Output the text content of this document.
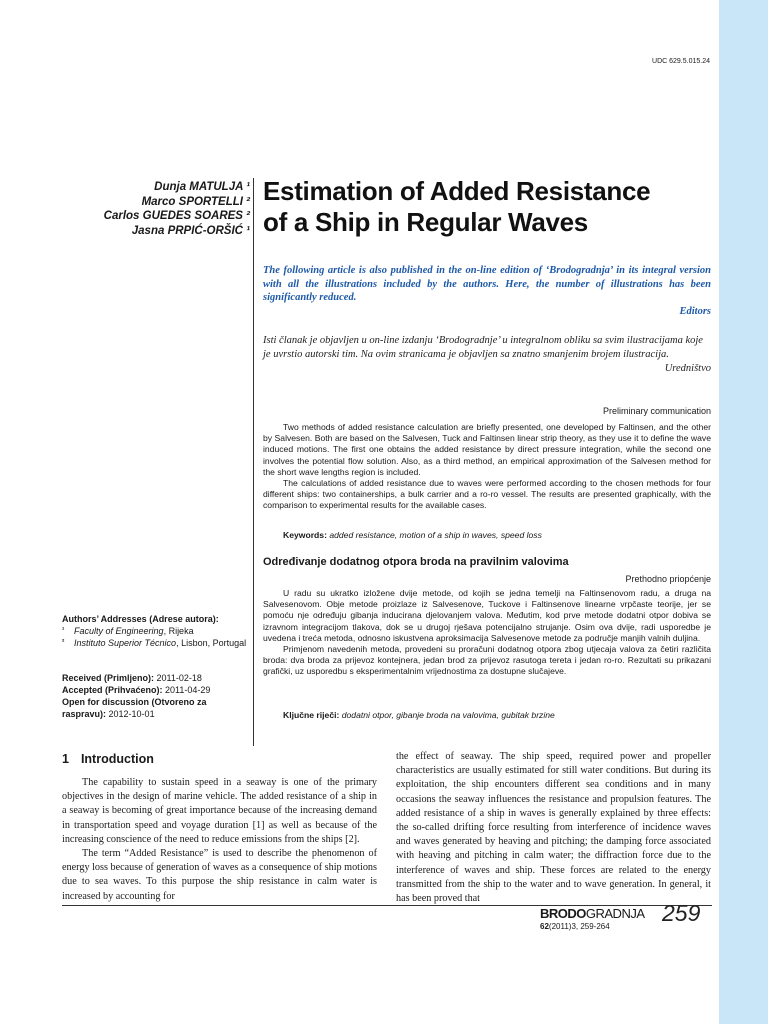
UDC 629.5.015.24
Dunja MATULJA ¹
Marco SPORTELLI ²
Carlos GUEDES SOARES ²
Jasna PRPIĆ-ORŠIĆ ¹
Estimation of Added Resistance
of a Ship in Regular Waves
The following article is also published in the on-line edition of ‘Brodogradnja’ in its integral version with all the illustrations included by the authors. Here, the number of illustrations has been significantly reduced.
Editors
Isti članak je objavljen u on-line izdanju ‘Brodogradnje’ u integralnom obliku sa svim ilustracijama koje je uvrstio autorski tim. Na ovim stranicama je objavljen sa znatno smanjenim brojem ilustracija.
Uredništvo
Preliminary communication

Two methods of added resistance calculation are briefly presented, one developed by Faltinsen, and the other by Salvesen. Both are based on the Salvesen, Tuck and Faltinsen linear strip theory, as they use it to define the wave induced motions. The first one obtains the added resistance by direct pressure integration, while the second one involves the potential flow solution. Also, as a third method, an empirical approximation of the Salvesen method for the short wave lengths region is included.

The calculations of added resistance due to waves were performed according to the chosen methods for four different ships: two containerships, a bulk carrier and a ro-ro vessel. The results are presented graphically, with the comparison to experimental results for the available cases.

Keywords: added resistance, motion of a ship in waves, speed loss
Određivanje dodatnog otpora broda na pravilnim valovima
Prethodno priopćenje

U radu su ukratko izložene dvije metode, od kojih se jedna temelji na Faltinsenovom radu, a druga na Salvesenovom. Obje metode proizlaze iz Salvesenove, Tuckove i Faltinsenove linearne vrpčaste teorije, jer se pomoću nje određuju gibanja inducirana djelovanjem valova. Međutim, kod prve metode dodatni otpor dobiva se izravnom integracijom tlakova, dok se u drugoj rješava potencijalno strujanje. Osim ova dvije, radi usporedbe je uvedena i treća metoda, odnosno iskustvena aproksimacija Salvesenove metode za područje manjih valnih duljina.

Primjenom navedenih metoda, provedeni su proračuni dodatnog otpora zbog utjecaja valova za četiri različita broda: dva broda za prijevoz kontejnera, jedan brod za prijevoz rasutoga tereta i jedan ro-ro. Rezultati su prikazani grafički, uz usporedbu s eksperimentalnim vrijednostima za dostupne slučajeve.

Ključne riječi: dodatni otpor, gibanje broda na valovima, gubitak brzine
Authors’ Addresses (Adrese autora):
¹	Faculty of Engineering, Rijeka
²	Instituto Superior Técnico, Lisbon, Portugal
Received (Primljeno): 2011-02-18
Accepted (Prihvaćeno): 2011-04-29
Open for discussion (Otvoreno za raspravu): 2012-10-01
1 Introduction

The capability to sustain speed in a seaway is one of the primary objectives in the design of marine vehicle. The added resistance of a ship in a seaway is becoming of great importance because of the increasing demand in transportation speed and voyage duration [1] as well as because of the increasing conscience of the need to reduce emissions from the ships [2].

The term “Added Resistance” is used to describe the phenomenon of energy loss because of generation of waves as a consequence of ship motions due to sea waves. To this purpose the ship resistance in calm water is increased by accounting for

the effect of seaway. The ship speed, required power and propeller characteristics are usually estimated for still water conditions. But during its exploitation, the ship encounters different sea conditions and in many occasions the seaway influences the resistance and propulsion features. The added resistance of a ship in waves is generally explained by three effects: the so-called drifting force resulting from interference of incidence waves and waves generated by heaving and pitching; the damping force associated with heaving and pitching in calm water; the diffraction force due to the interference of waves and ship. These forces are related to the energy transmitted from the ship to the water and to wave generation. In general, it has been proved that
BRODOGRADNJA
62(2011)3, 259-264
259
